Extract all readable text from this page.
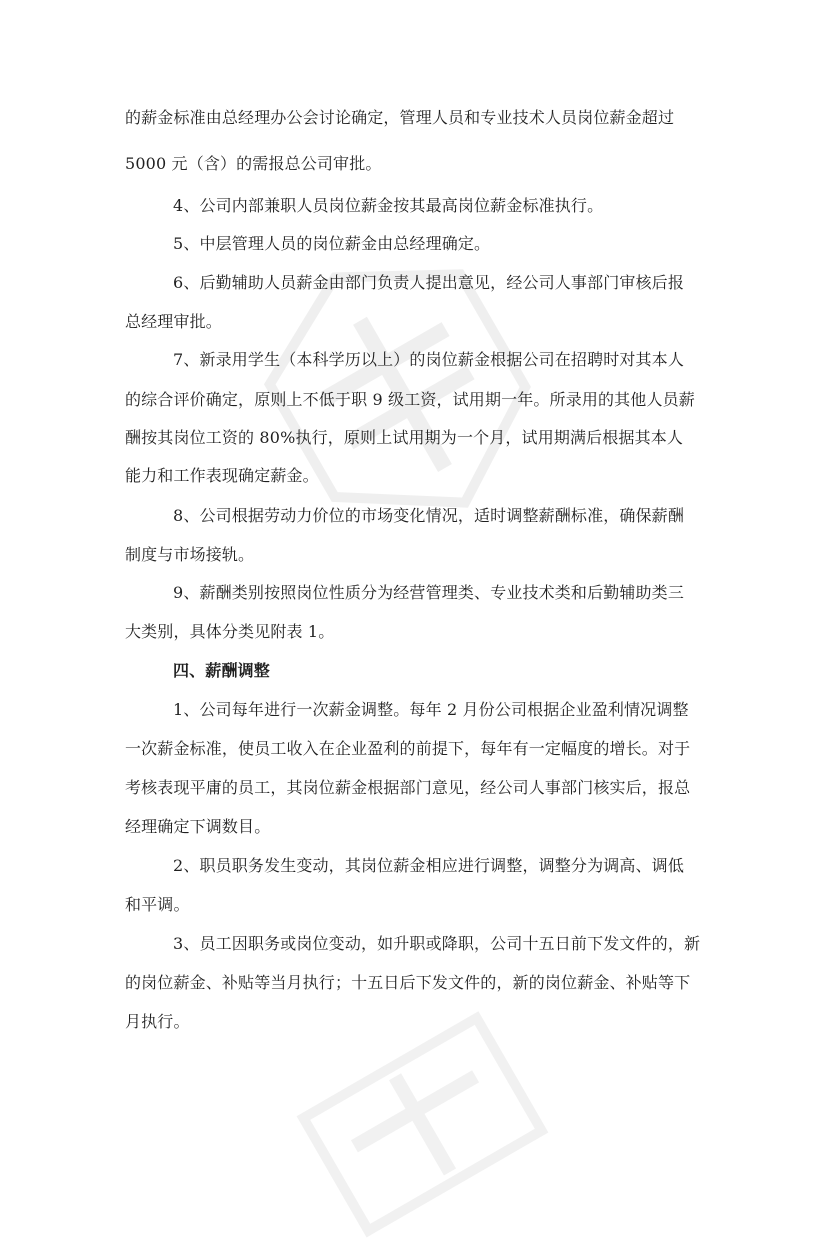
的薪金标准由总经理办公会讨论确定，管理人员和专业技术人员岗位薪金超过
5000 元（含）的需报总公司审批。
4、公司内部兼职人员岗位薪金按其最高岗位薪金标准执行。
5、中层管理人员的岗位薪金由总经理确定。
6、后勤辅助人员薪金由部门负责人提出意见，经公司人事部门审核后报
总经理审批。
7、新录用学生（本科学历以上）的岗位薪金根据公司在招聘时对其本人
的综合评价确定，原则上不低于职 9 级工资，试用期一年。所录用的其他人员薪
酬按其岗位工资的 80%执行，原则上试用期为一个月，试用期满后根据其本人
能力和工作表现确定薪金。
8、公司根据劳动力价位的市场变化情况，适时调整薪酬标准，确保薪酬
制度与市场接轨。
9、薪酬类别按照岗位性质分为经营管理类、专业技术类和后勤辅助类三
大类别，具体分类见附表 1。
四、薪酬调整
1、公司每年进行一次薪金调整。每年 2 月份公司根据企业盈利情况调整
一次薪金标准，使员工收入在企业盈利的前提下，每年有一定幅度的增长。对于
考核表现平庸的员工，其岗位薪金根据部门意见，经公司人事部门核实后，报总
经理确定下调数目。
2、职员职务发生变动，其岗位薪金相应进行调整，调整分为调高、调低
和平调。
3、员工因职务或岗位变动，如升职或降职，公司十五日前下发文件的，新
的岗位薪金、补贴等当月执行；十五日后下发文件的，新的岗位薪金、补贴等下
月执行。
